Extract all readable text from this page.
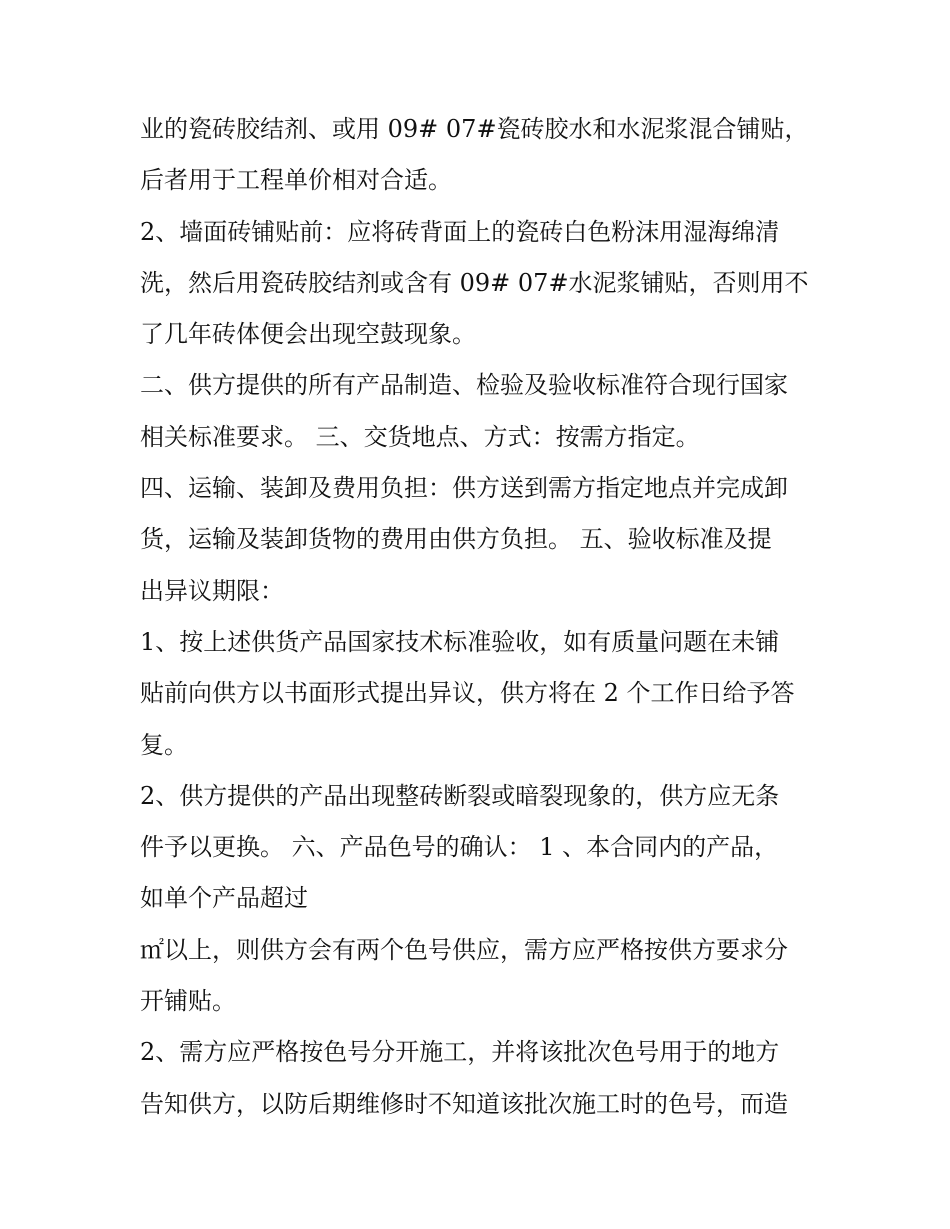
业的瓷砖胶结剂、或用 09# 07#瓷砖胶水和水泥浆混合铺贴，
后者用于工程单价相对合适。
2、墙面砖铺贴前：应将砖背面上的瓷砖白色粉沫用湿海绵清
洗，然后用瓷砖胶结剂或含有 09# 07#水泥浆铺贴，否则用不
了几年砖体便会出现空鼓现象。
二、供方提供的所有产品制造、检验及验收标准符合现行国家
相关标准要求。 三、交货地点、方式：按需方指定。
四、运输、装卸及费用负担：供方送到需方指定地点并完成卸
货，运输及装卸货物的费用由供方负担。 五、验收标准及提
出异议期限：
1、按上述供货产品国家技术标准验收，如有质量问题在未铺
贴前向供方以书面形式提出异议，供方将在 2 个工作日给予答
复。
2、供方提供的产品出现整砖断裂或暗裂现象的，供方应无条
件予以更换。 六、产品色号的确认： 1 、本合同内的产品，
如单个产品超过
㎡以上，则供方会有两个色号供应，需方应严格按供方要求分
开铺贴。
2、需方应严格按色号分开施工，并将该批次色号用于的地方
告知供方，以防后期维修时不知道该批次施工时的色号，而造
